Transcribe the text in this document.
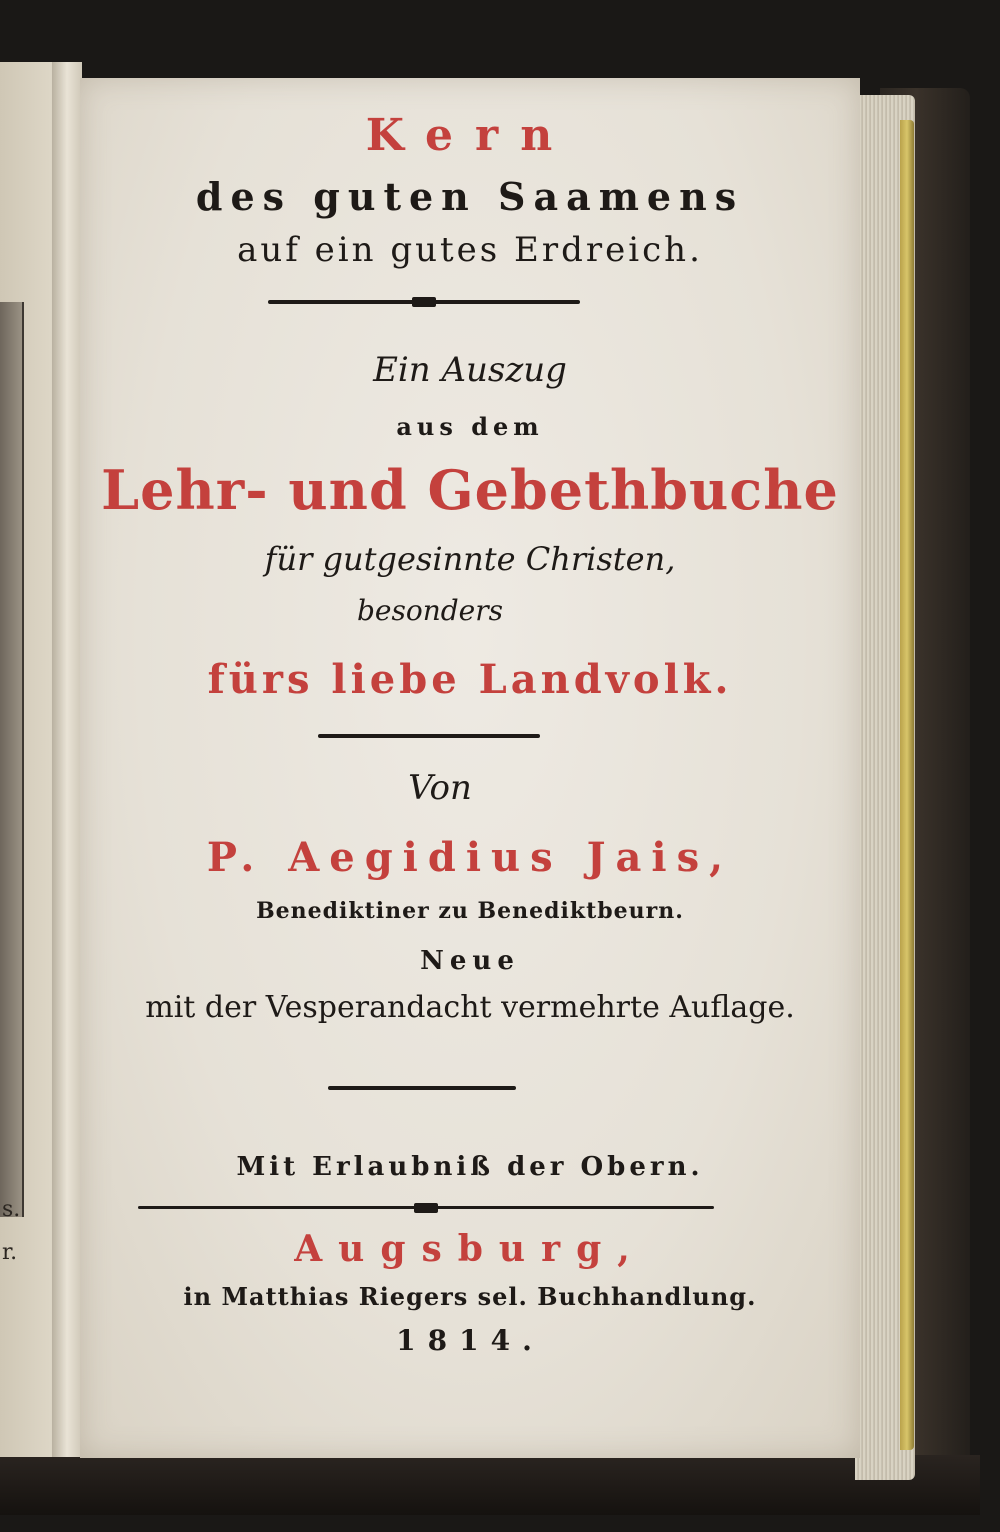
s.
r.
Kern
des guten Saamens
auf ein gutes Erdreich.
Ein Auszug
aus dem
Lehr- und Gebethbuche
für gutgesinnte Christen,
besonders
fürs liebe Landvolk.
Von
P. Aegidius Jais,
Benediktiner zu Benediktbeurn.
Neue
mit der Vesperandacht vermehrte Auflage.
Mit Erlaubniß der Obern.
Augsburg,
in Matthias Riegers sel. Buchhandlung.
1814.
